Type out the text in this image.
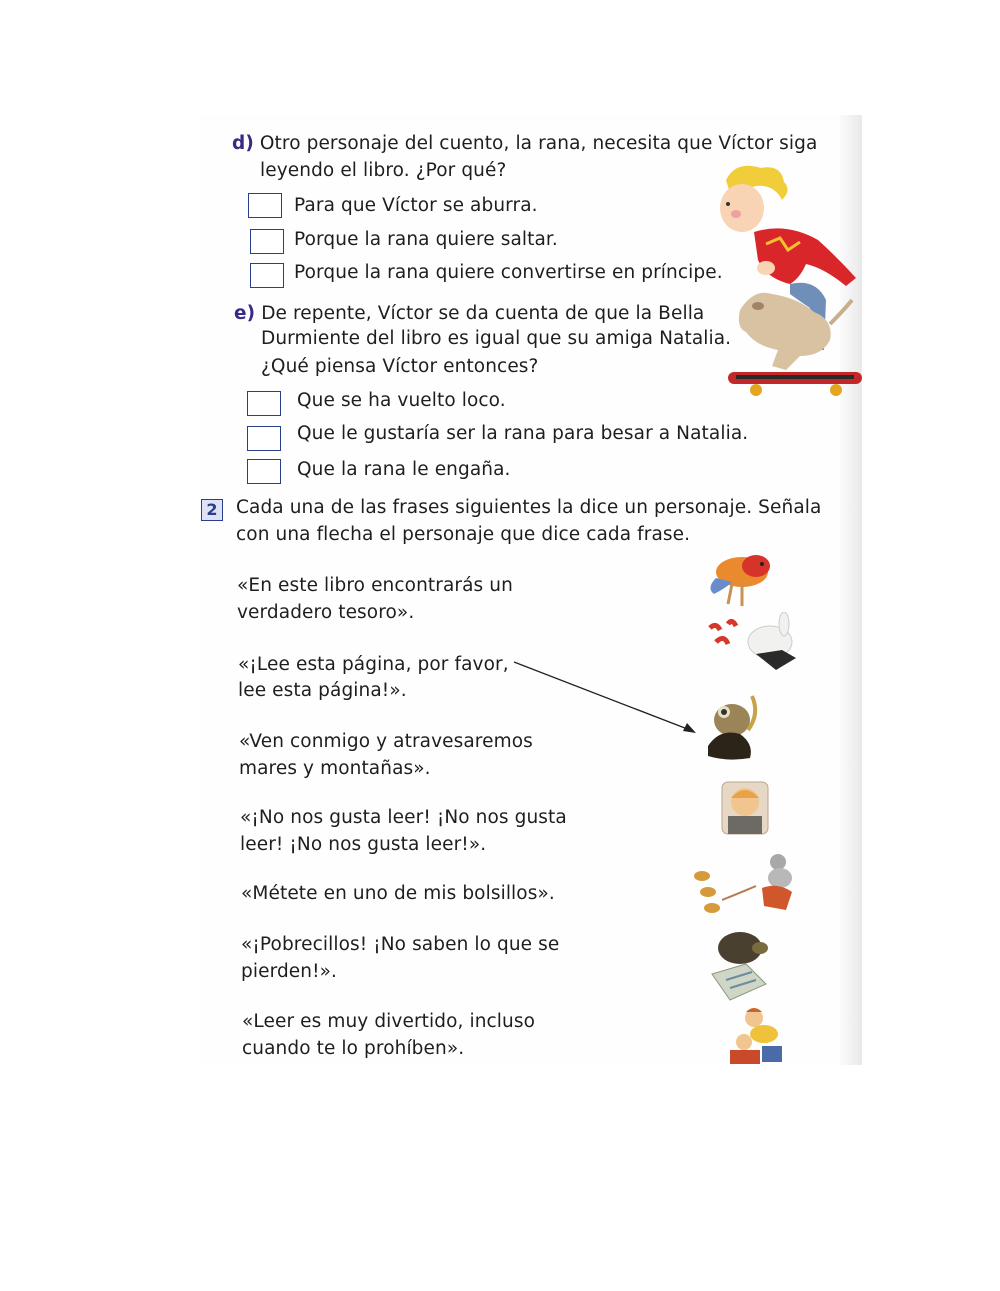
d) Otro personaje del cuento, la rana, necesita que Víctor siga
leyendo el libro. ¿Por qué?
Para que Víctor se aburra.
Porque la rana quiere saltar.
Porque la rana quiere convertirse en príncipe.
e) De repente, Víctor se da cuenta de que la Bella
Durmiente del libro es igual que su amiga Natalia.
¿Qué piensa Víctor entonces?
Que se ha vuelto loco.
Que le gustaría ser la rana para besar a Natalia.
Que la rana le engaña.
2 Cada una de las frases siguientes la dice un personaje. Señala
con una flecha el personaje que dice cada frase.
«En este libro encontrarás un
verdadero tesoro».
«¡Lee esta página, por favor,
lee esta página!».
«Ven conmigo y atravesaremos
mares y montañas».
«¡No nos gusta leer! ¡No nos gusta
leer! ¡No nos gusta leer!».
«Métete en uno de mis bolsillos».
«¡Pobrecillos! ¡No saben lo que se
pierden!».
«Leer es muy divertido, incluso
cuando te lo prohíben».
